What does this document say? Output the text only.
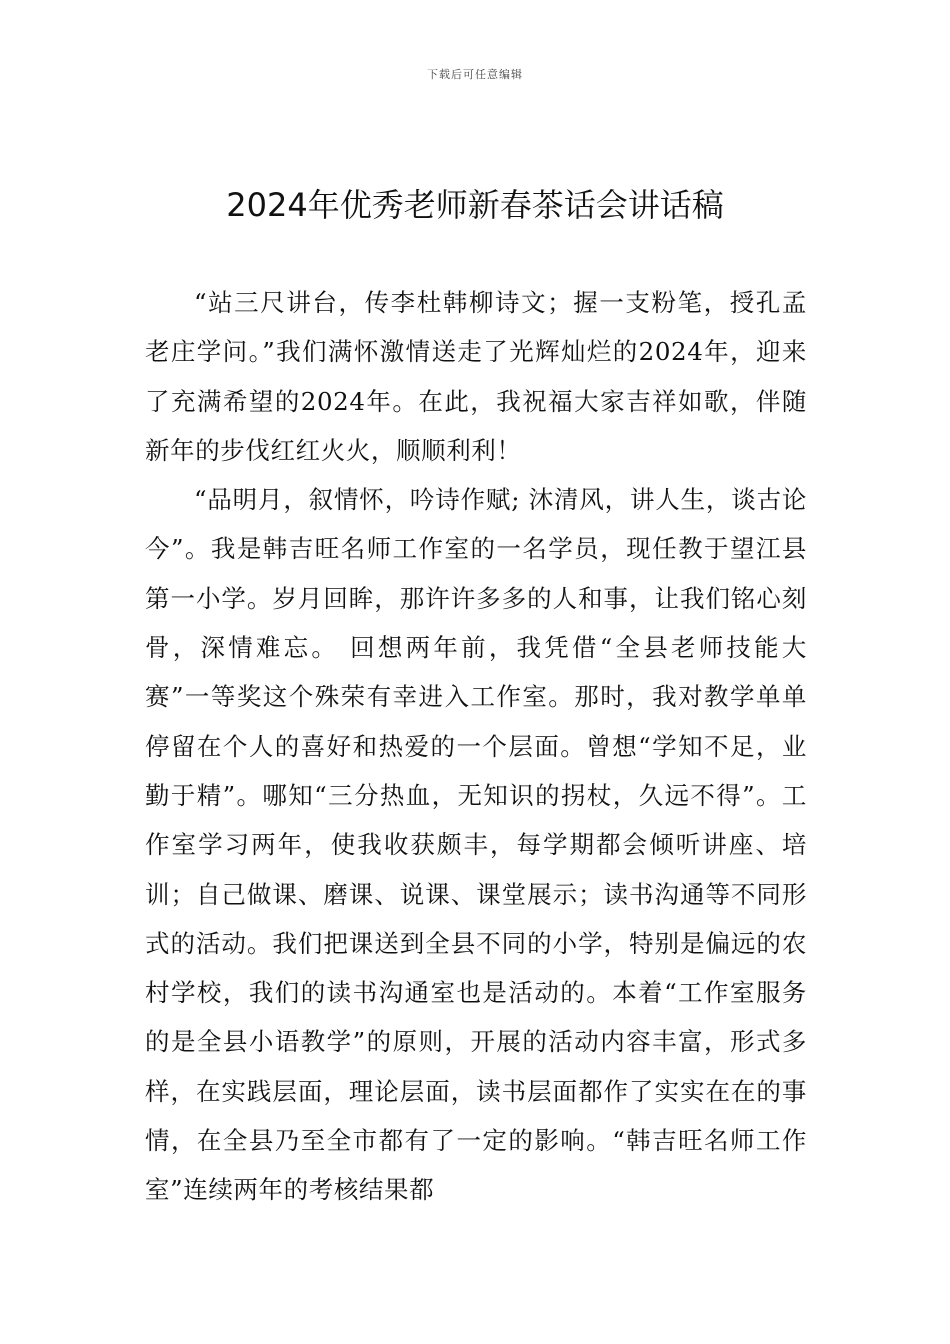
下载后可任意编辑
2024年优秀老师新春茶话会讲话稿

“站三尺讲台，传李杜韩柳诗文；握一支粉笔，授孔孟老庄学问。”我们满怀激情送走了光辉灿烂的2024年，迎来了充满希望的2024年。在此，我祝福大家吉祥如歌，伴随新年的步伐红红火火，顺顺利利！

“品明月，叙情怀，吟诗作赋; 沐清风，讲人生，谈古论今”。我是韩吉旺名师工作室的一名学员，现任教于望江县第一小学。岁月回眸，那许许多多的人和事，让我们铭心刻骨，深情难忘。 回想两年前，我凭借“全县老师技能大赛”一等奖这个殊荣有幸进入工作室。那时，我对教学单单停留在个人的喜好和热爱的一个层面。曾想“学知不足，业勤于精”。哪知“三分热血，无知识的拐杖，久远不得”。工作室学习两年，使我收获颇丰，每学期都会倾听讲座、培训；自己做课、磨课、说课、课堂展示；读书沟通等不同形式的活动。我们把课送到全县不同的小学，特别是偏远的农村学校，我们的读书沟通室也是活动的。本着“工作室服务的是全县小语教学”的原则，开展的活动内容丰富，形式多样，在实践层面，理论层面，读书层面都作了实实在在的事情，在全县乃至全市都有了一定的影响。“韩吉旺名师工作室”连续两年的考核结果都
